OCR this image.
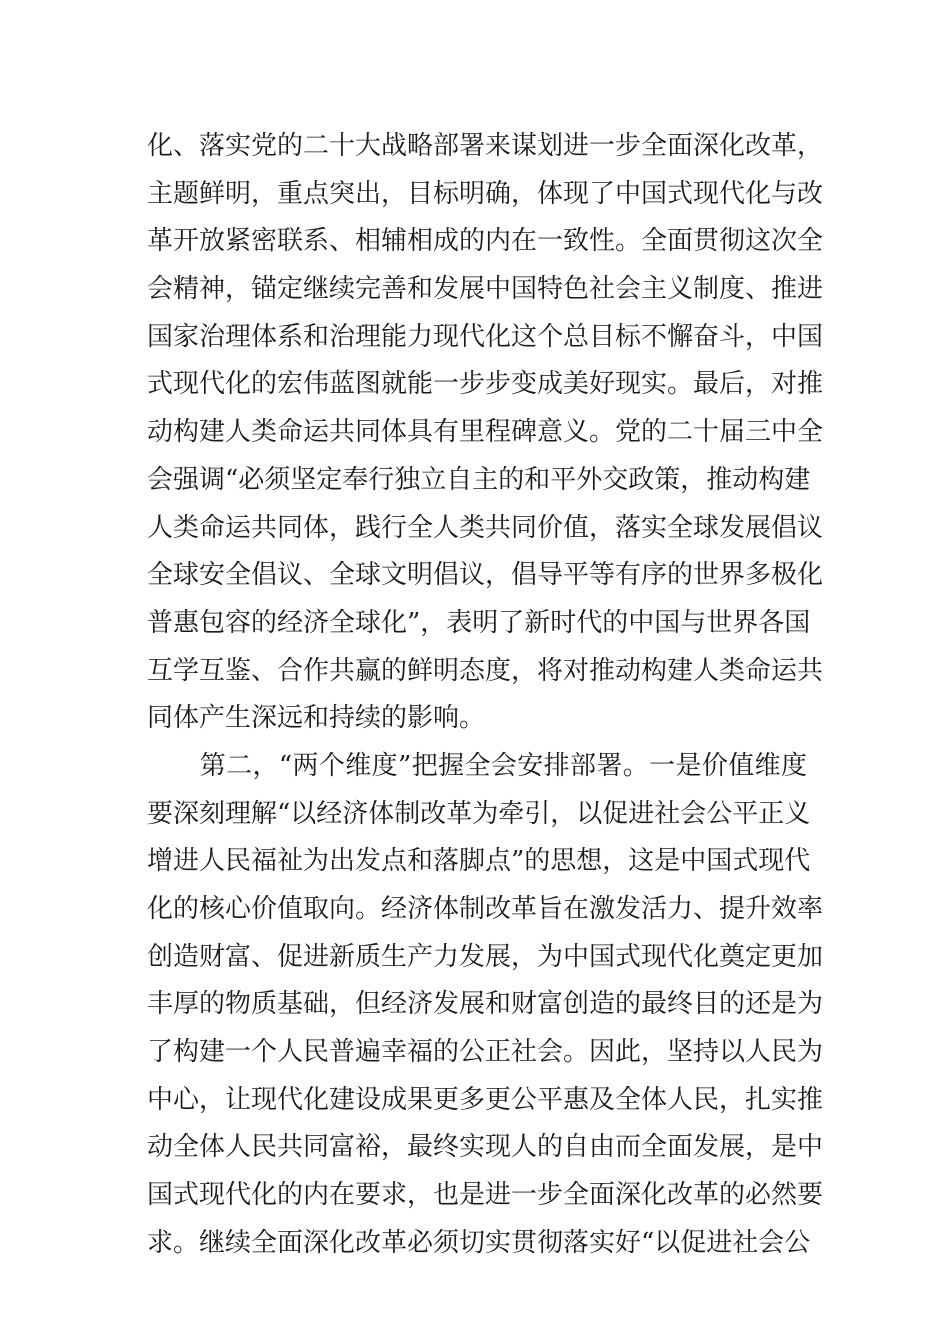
化、落实党的二十大战略部署来谋划进一步全面深化改革，
主题鲜明，重点突出，目标明确，体现了中国式现代化与改
革开放紧密联系、相辅相成的内在一致性。全面贯彻这次全
会精神，锚定继续完善和发展中国特色社会主义制度、推进
国家治理体系和治理能力现代化这个总目标不懈奋斗，中国
式现代化的宏伟蓝图就能一步步变成美好现实。最后，对推
动构建人类命运共同体具有里程碑意义。党的二十届三中全
会强调“必须坚定奉行独立自主的和平外交政策，推动构建
人类命运共同体，践行全人类共同价值，落实全球发展倡议
全球安全倡议、全球文明倡议，倡导平等有序的世界多极化
普惠包容的经济全球化”，表明了新时代的中国与世界各国
互学互鉴、合作共赢的鲜明态度，将对推动构建人类命运共
同体产生深远和持续的影响。
　　第二，“两个维度”把握全会安排部署。一是价值维度
要深刻理解“以经济体制改革为牵引，以促进社会公平正义
增进人民福祉为出发点和落脚点”的思想，这是中国式现代
化的核心价值取向。经济体制改革旨在激发活力、提升效率
创造财富、促进新质生产力发展，为中国式现代化奠定更加
丰厚的物质基础，但经济发展和财富创造的最终目的还是为
了构建一个人民普遍幸福的公正社会。因此，坚持以人民为
中心，让现代化建设成果更多更公平惠及全体人民，扎实推
动全体人民共同富裕，最终实现人的自由而全面发展，是中
国式现代化的内在要求，也是进一步全面深化改革的必然要
求。继续全面深化改革必须切实贯彻落实好“以促进社会公
